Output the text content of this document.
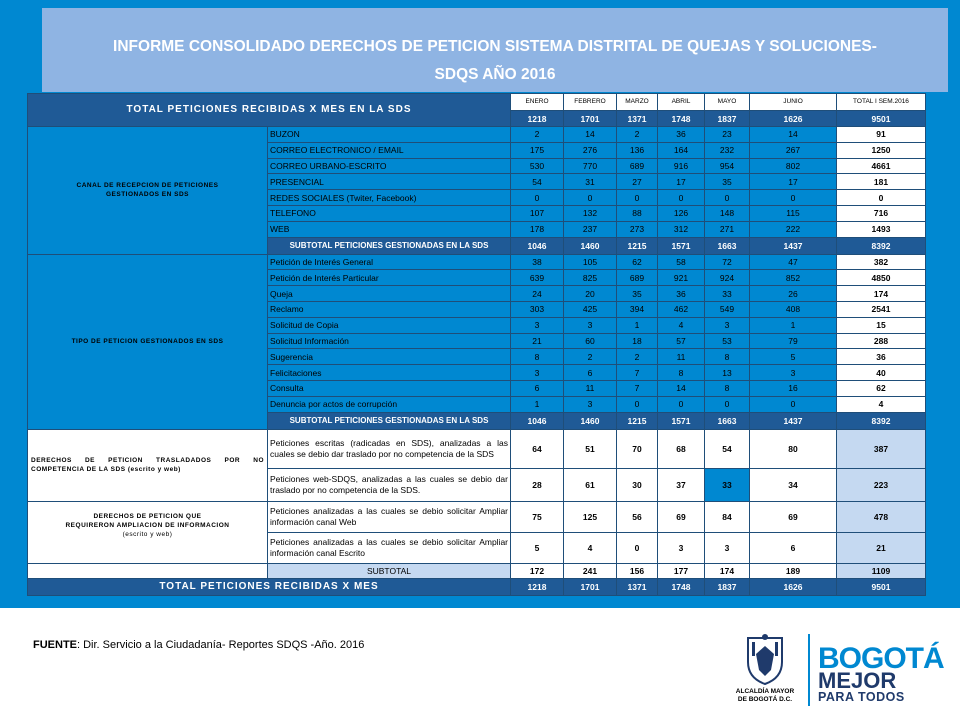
INFORME CONSOLIDADO DERECHOS DE PETICION SISTEMA DISTRITAL DE QUEJAS Y SOLUCIONES-
SDQS AÑO 2016
TOTAL PETICIONES RECIBIDAS X MES EN LA SDS		ENERO	FEBRERO	MARZO	ABRIL	MAYO	JUNIO	TOTAL I SEM.2016
		1218	1701	1371	1748	1837	1626	9501
CANAL DE RECEPCION DE PETICIONES GESTIONADOS EN SDS	BUZON	2	14	2	36	23	14	91
	CORREO ELECTRONICO / EMAIL	175	276	136	164	232	267	1250
	CORREO URBANO-ESCRITO	530	770	689	916	954	802	4661
	PRESENCIAL	54	31	27	17	35	17	181
	REDES SOCIALES (Twiter, Facebook)	0	0	0	0	0	0	0
	TELEFONO	107	132	88	126	148	115	716
	WEB	178	237	273	312	271	222	1493
	SUBTOTAL PETICIONES GESTIONADAS EN LA SDS	1046	1460	1215	1571	1663	1437	8392
TIPO DE PETICION GESTIONADOS EN SDS	Petición de Interés General	38	105	62	58	72	47	382
	Petición de Interés Particular	639	825	689	921	924	852	4850
	Queja	24	20	35	36	33	26	174
	Reclamo	303	425	394	462	549	408	2541
	Solicitud de Copia	3	3	1	4	3	1	15
	Solicitud Información	21	60	18	57	53	79	288
	Sugerencia	8	2	2	11	8	5	36
	Felicitaciones	3	6	7	8	13	3	40
	Consulta	6	11	7	14	8	16	62
	Denuncia por actos de corrupción	1	3	0	0	0	0	4
	SUBTOTAL PETICIONES GESTIONADAS EN LA SDS	1046	1460	1215	1571	1663	1437	8392
DERECHOS DE PETICION TRASLADADOS POR NO COMPETENCIA DE LA SDS (escrito y web)	Peticiones escritas (radicadas en SDS), analizadas a las cuales se debio dar traslado por no competencia de la SDS	64	51	70	68	54	80	387
	Peticiones web-SDQS, analizadas a las cuales se debio dar traslado por no competencia de la SDS.	28	61	30	37	33	34	223

DERECHOS DE PETICION QUE
REQUIRERON AMPLIACION DE INFORMACION
(escrito y web)	Peticiones analizadas a las cuales se debio solicitar Ampliar información canal Web	75	125	56	69	84	69	478
	Peticiones analizadas a las cuales se debio solicitar Ampliar información canal Escrito	5	4	0	3	3	6	21
	SUBTOTAL	172	241	156	177	174	189	1109
TOTAL PETICIONES RECIBIDAS X MES		1218	1701	1371	1748	1837	1626	9501
FUENTE: Dir. Servicio a la Ciudadanía- Reportes SDQS -Año. 2016
ALCALDÍA MAYOR
DE BOGOTÁ D.C.
BOGOTÁ
MEJOR
PARA TODOS
